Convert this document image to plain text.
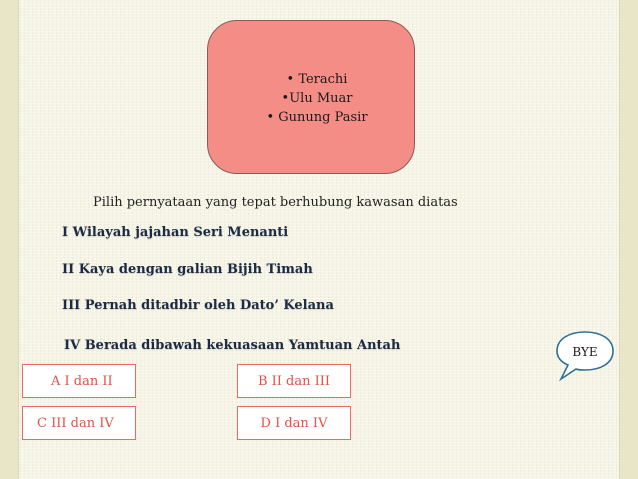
• Terachi
•Ulu Muar
• Gunung Pasir
Pilih pernyataan yang tepat berhubung kawasan diatas
I Wilayah jajahan Seri Menanti
II Kaya dengan galian Bijih Timah
III Pernah ditadbir oleh Dato’ Kelana
IV Berada dibawah kekuasaan Yamtuan Antah
A I dan II	B II dan III
C III dan IV	D I dan IV
BYE
